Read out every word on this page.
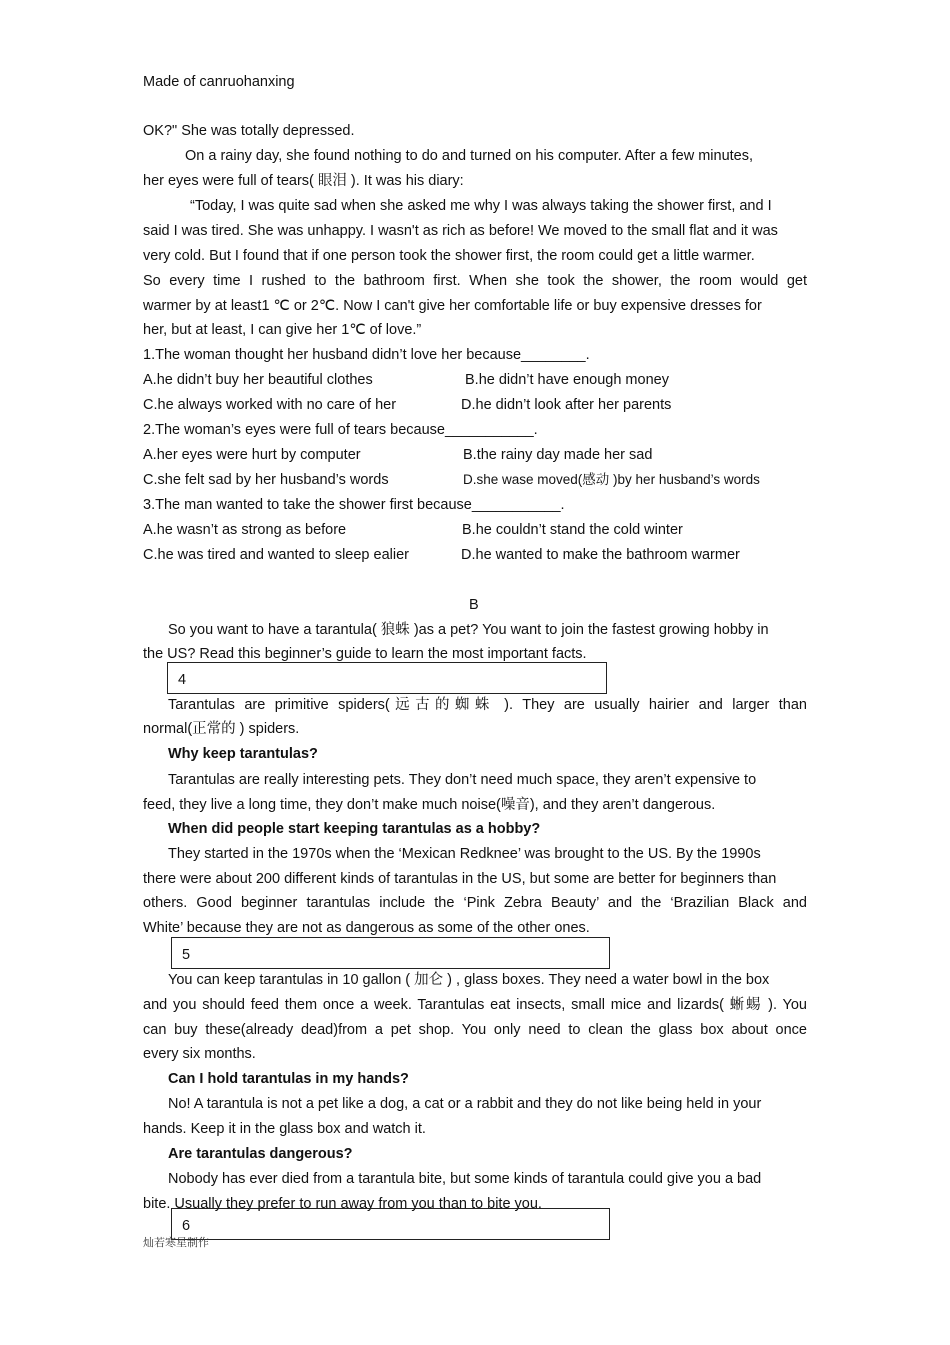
Made of canruohanxing
OK?" She was totally depressed.
On a rainy day, she found nothing to do and turned on his computer. After a few minutes,
her eyes were full of tears( 眼泪 ). It was his diary:
“Today, I was quite sad when she asked me why I was always taking the shower first, and I
said I was tired. She was unhappy. I wasn't as rich as before! We moved to the small flat and it was
very cold. But I found that if one person took the shower first, the room could get a little warmer.
So every time I rushed to the bathroom first. When she took the shower, the room would get
warmer by at least1 ℃ or 2℃. Now I can't give her comfortable life or buy expensive dresses for
her, but at least, I can give her 1℃ of love.”
1.The woman thought her husband didn’t love her because________.
A.he didn’t buy her beautiful clothes	B.he didn’t have enough money
C.he always worked with no care of her	D.he didn’t look after her parents
2.The woman’s eyes were full of tears because___________.
A.her eyes were hurt by computer	B.the rainy day made her sad
C.she felt sad by her husband’s words	D.she wase moved(感动 )by her husband’s words
3.The man wanted to take the shower first because___________.
A.he wasn’t as strong as before	B.he couldn’t stand the cold winter
C.he was tired and wanted to sleep ealier	D.he wanted to make the bathroom warmer
B
So you want to have a tarantula( 狼蛛 )as a pet? You want to join the fastest growing hobby in
the US? Read this beginner’s guide to learn the most important facts.
4
Tarantulas are primitive spiders(远古的蜘蛛 ). They are usually hairier and larger than
normal(正常的 ) spiders.
Why keep tarantulas?
Tarantulas are really interesting pets. They don’t need much space, they aren’t expensive to
feed, they live a long time, they don’t make much noise(噪音), and they aren’t dangerous.
When did people start keeping tarantulas as a hobby?
They started in the 1970s when the ‘Mexican Redknee’ was brought to the US. By the 1990s
there were about 200 different kinds of tarantulas in the US, but some are better for beginners than
others. Good beginner tarantulas include the ‘Pink Zebra Beauty’ and the ‘Brazilian Black and
White’ because they are not as dangerous as some of the other ones.
5
You can keep tarantulas in 10 gallon ( 加仑 ) , glass boxes. They need a water bowl in the box
and you should feed them once a week. Tarantulas eat insects, small mice and lizards( 蜥蜴 ). You
can buy these(already dead)from a pet shop. You only need to clean the glass box about once
every six months.
Can I hold tarantulas in my hands?
No! A tarantula is not a pet like a dog, a cat or a rabbit and they do not like being held in your
hands. Keep it in the glass box and watch it.
Are tarantulas dangerous?
Nobody has ever died from a tarantula bite, but some kinds of tarantula could give you a bad
bite. Usually they prefer to run away from you than to bite you.
6
灿若寒星制作
